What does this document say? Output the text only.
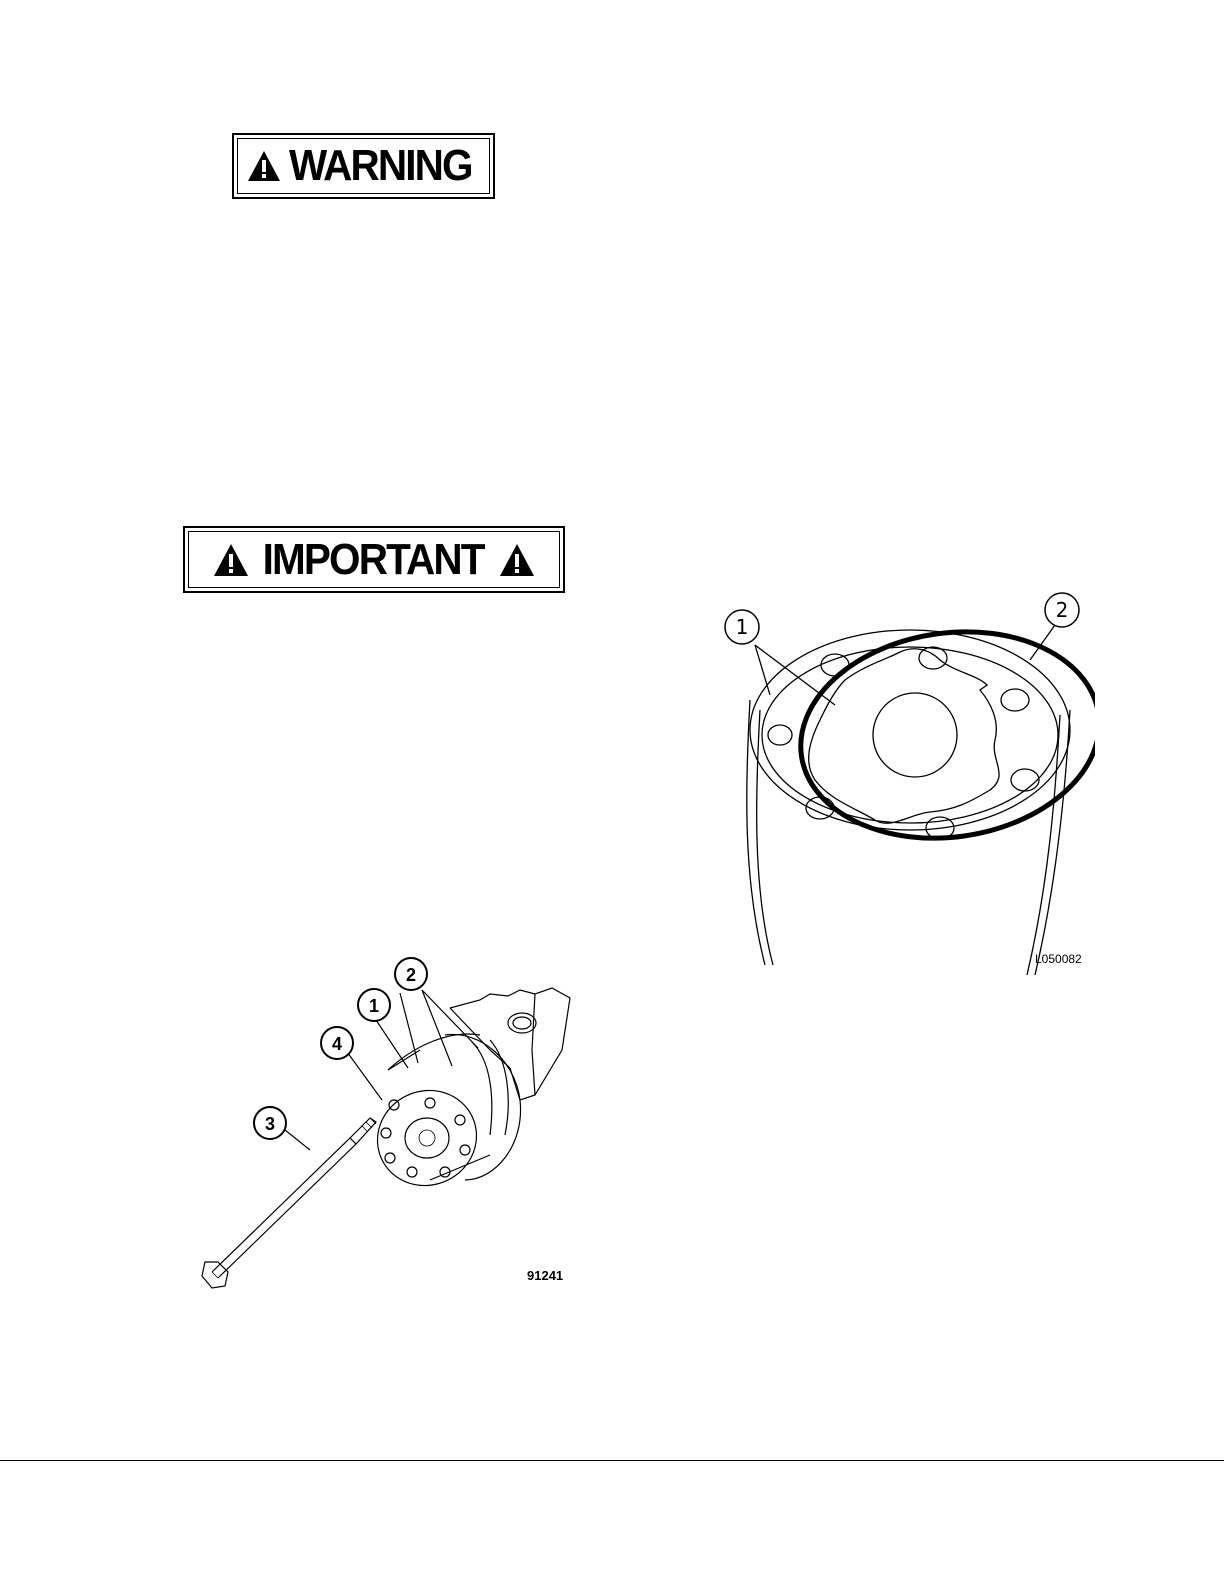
WARNING
IMPORTANT
2
1
4
3
91241
1
2
L050082
